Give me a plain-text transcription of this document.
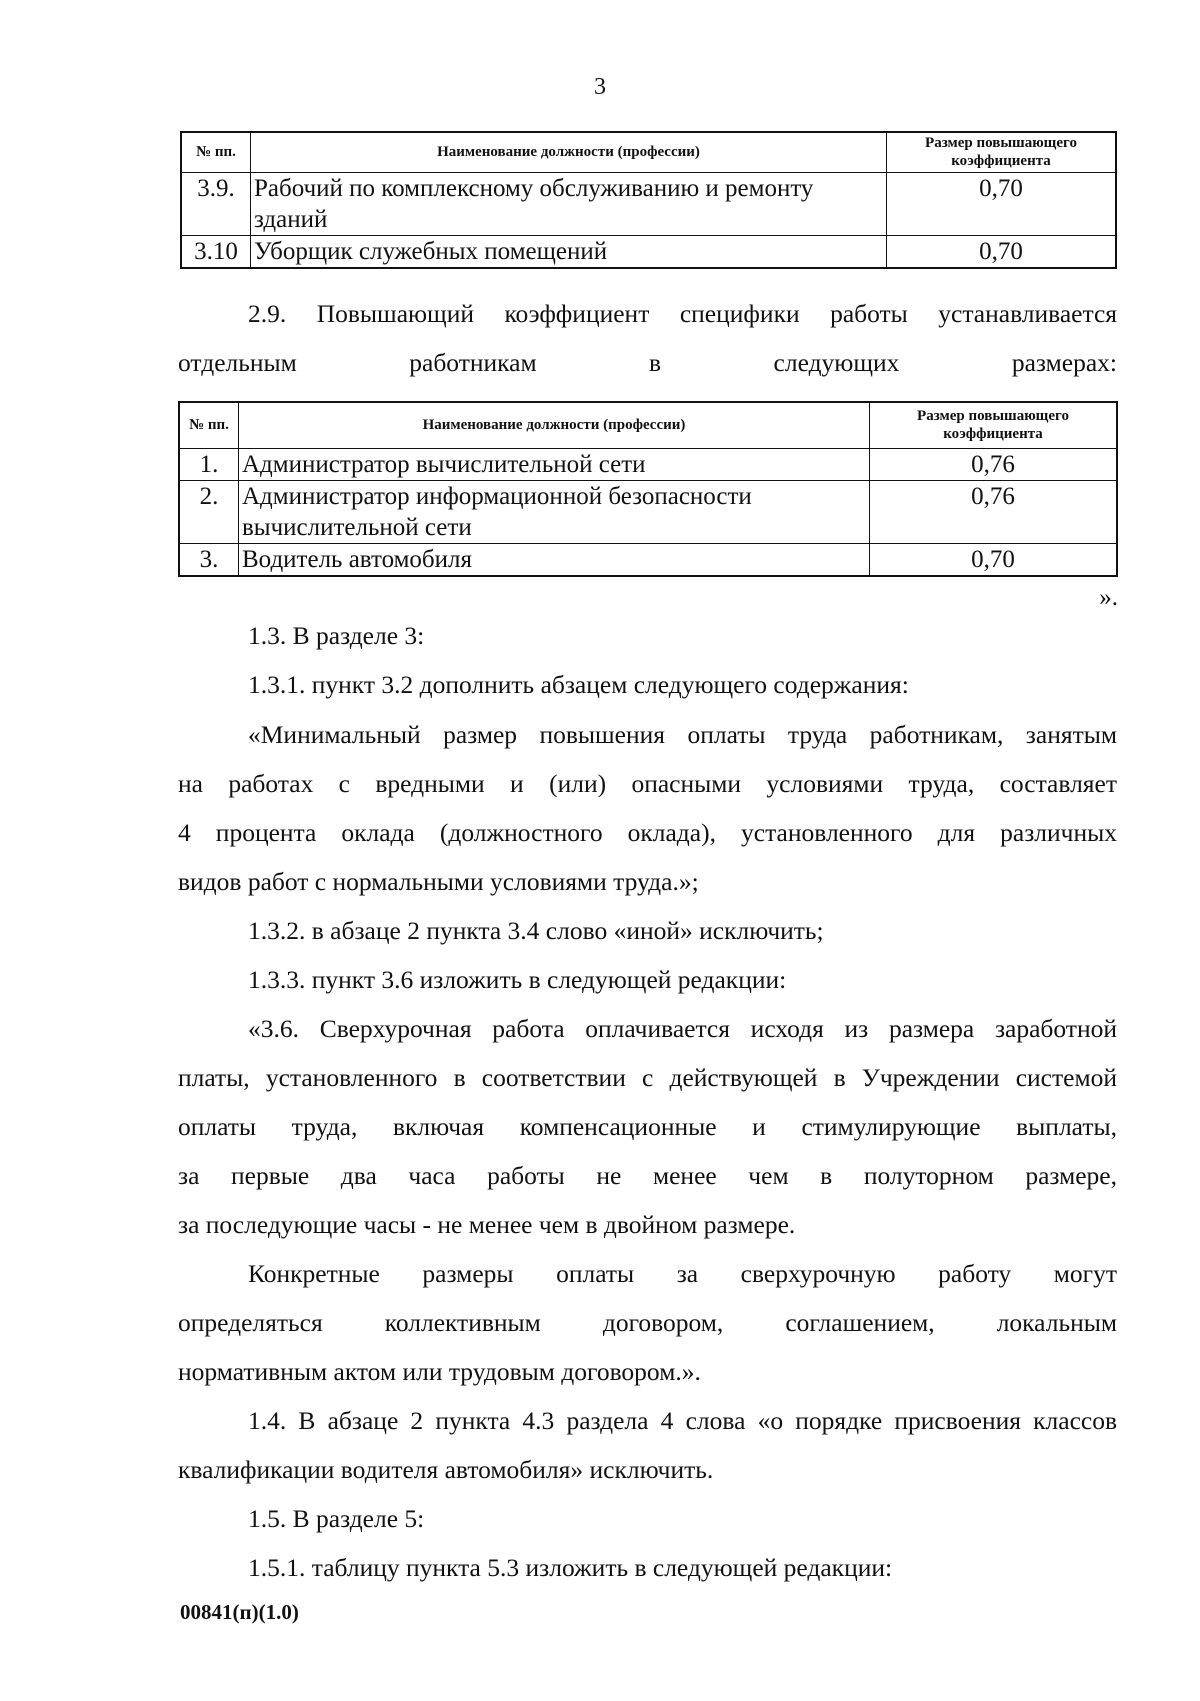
3
№ пп.	Наименование должности (профессии)	Размер повышающего коэффициента
3.9.	Рабочий по комплексному обслуживанию и ремонту зданий	0,70
3.10	Уборщик служебных помещений	0,70

2.9. Повышающий коэффициент специфики работы устанавливается отдельным работникам в следующих размерах:

№ пп.	Наименование должности (профессии)	Размер повышающего коэффициента
1.	Администратор вычислительной сети	0,76
2.	Администратор информационной безопасности вычислительной сети	0,76
3.	Водитель автомобиля	0,70
».

1.3. В разделе 3:

1.3.1. пункт 3.2 дополнить абзацем следующего содержания:

«Минимальный размер повышения оплаты труда работникам, занятым

на работах с вредными и (или) опасными условиями труда, составляет

4 процента оклада (должностного оклада), установленного для различных

видов работ с нормальными условиями труда.»;

1.3.2. в абзаце 2 пункта 3.4 слово «иной» исключить;

1.3.3. пункт 3.6 изложить в следующей редакции:

«3.6. Сверхурочная работа оплачивается исходя из размера заработной

платы, установленного в соответствии с действующей в Учреждении системой

оплаты труда, включая компенсационные и стимулирующие выплаты,

за первые два часа работы не менее чем в полуторном размере,

за последующие часы - не менее чем в двойном размере.

Конкретные размеры оплаты за сверхурочную работу могут

определяться коллективным договором, соглашением, локальным

нормативным актом или трудовым договором.».

1.4. В абзаце 2 пункта 4.3 раздела 4 слова «о порядке присвоения классов

квалификации водителя автомобиля» исключить.

1.5. В разделе 5:

1.5.1. таблицу пункта 5.3 изложить в следующей редакции:

00841(п)(1.0)
